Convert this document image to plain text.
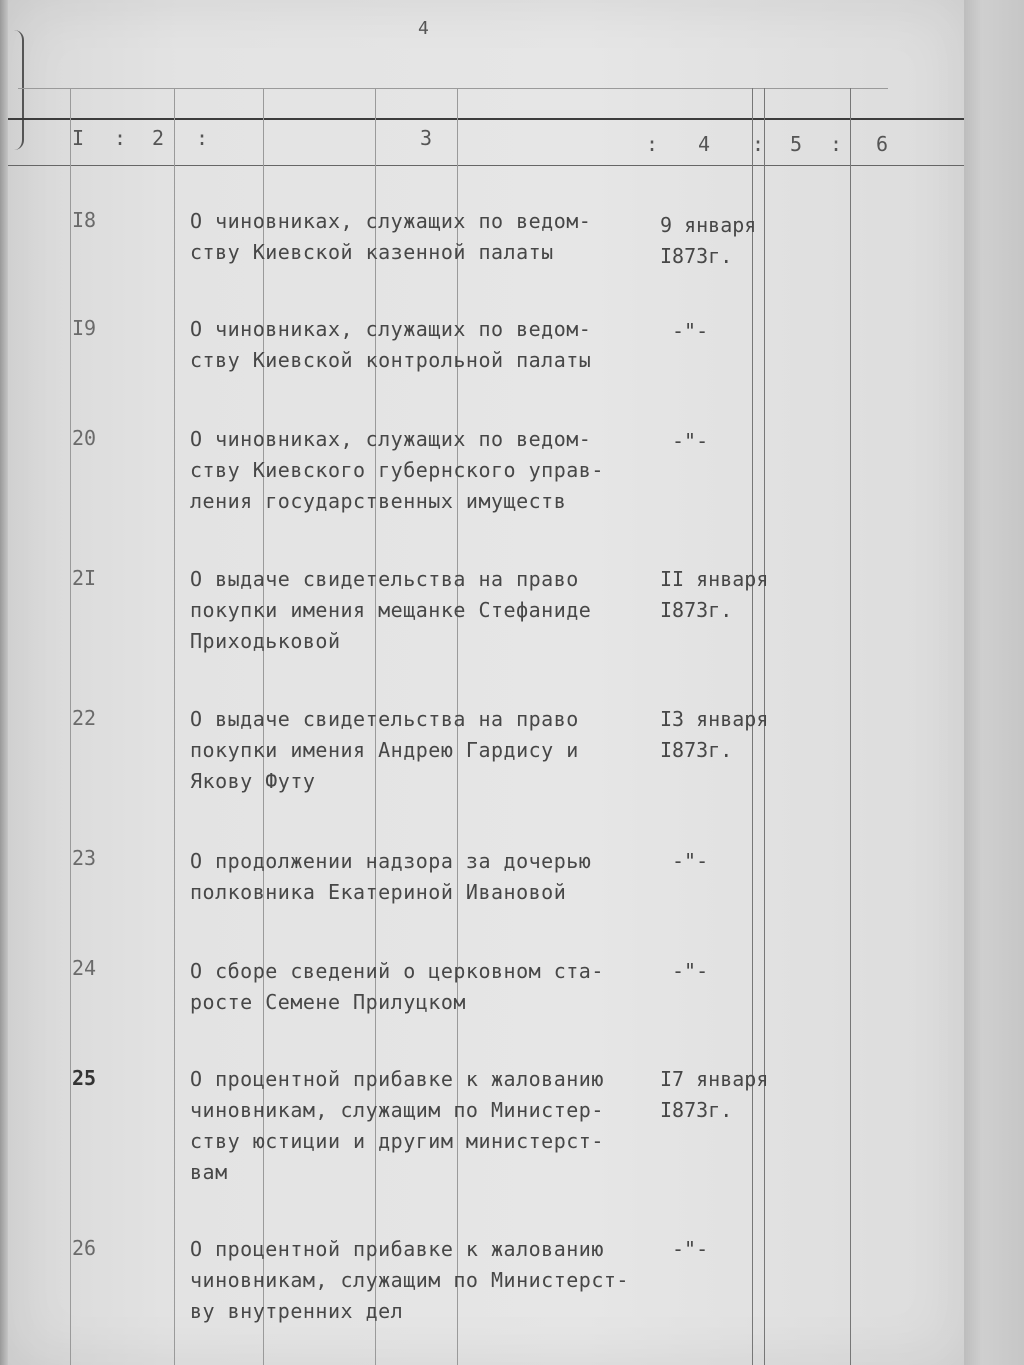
4
I : 2 :	3	: 4 : 5 : 6
I8	О чиновниках, служащих по ведом-
ству Киевской казенной палаты
9 января
I873г.
I9	О чиновниках, служащих по ведом-
ству Киевской контрольной палаты
-"-
20	О чиновниках, служащих по ведом-
ству Киевского губернского управ-
ления государственных имуществ
-"-
2I	О выдаче свидетельства на право
покупки имения мещанке Стефаниде
Приходьковой
II января
I873г.
22	О выдаче свидетельства на право
покупки имения Андрею Гардису и
Якову Футу
I3 января
I873г.
23	О продолжении надзора за дочерью
полковника Екатериной Ивановой
-"-
24	О сборе сведений о церковном ста-
росте Семене Прилуцком
-"-
25	О процентной прибавке к жалованию
чиновникам, служащим по Министер-
ству юстиции и другим министерст-
вам
I7 января
I873г.
26	О процентной прибавке к жалованию
чиновникам, служащим по Министерст-
ву внутренних дел
-"-
